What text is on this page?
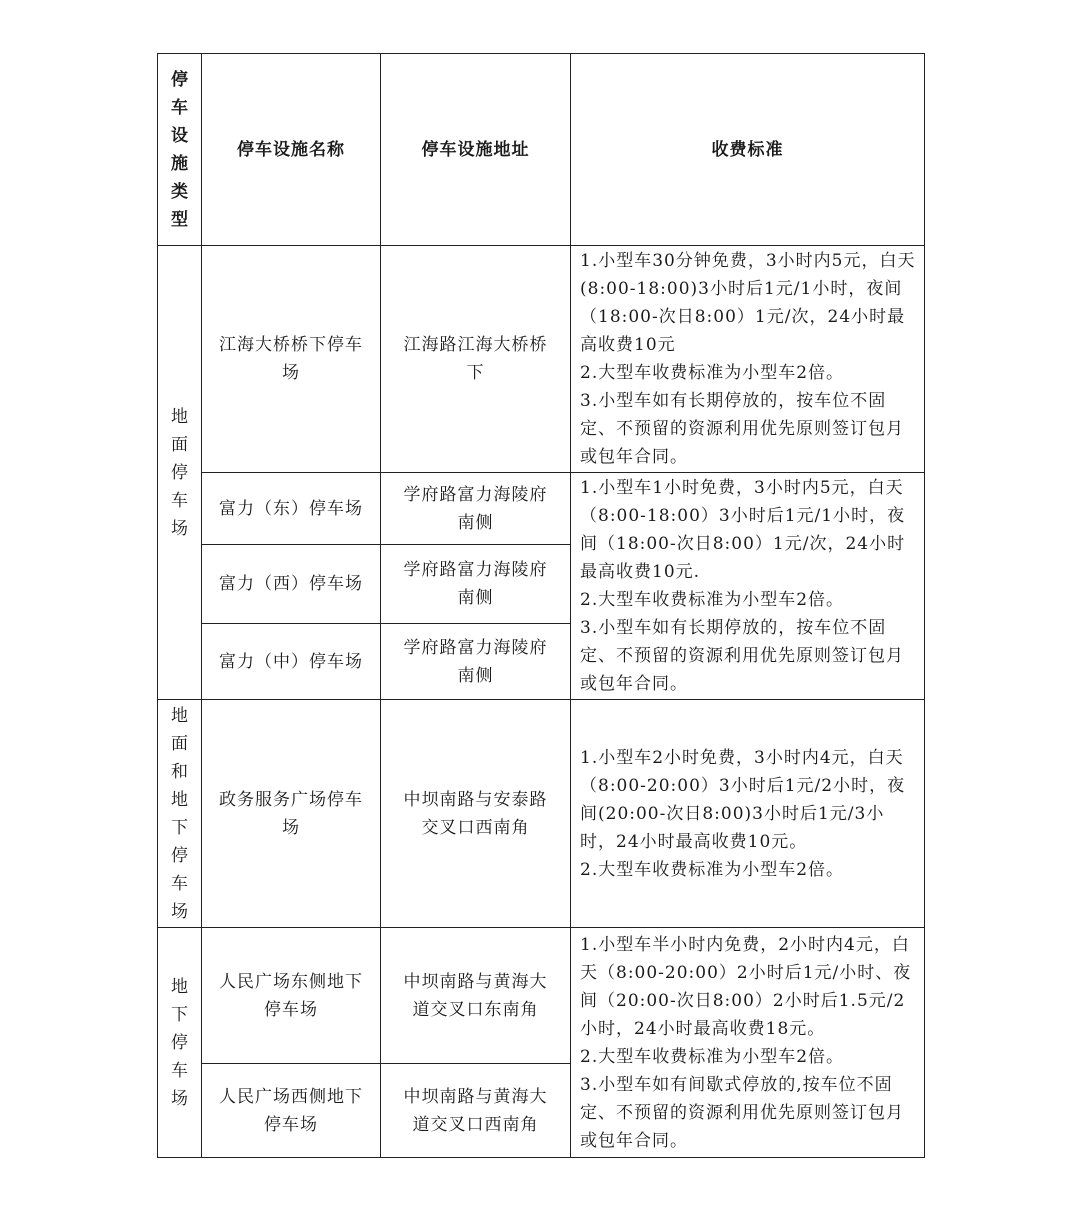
停车设施类型	停车设施名称	停车设施地址	收费标准
地面停车场	江海大桥桥下停车场	江海路江海大桥桥下	1.小型车30分钟免费，3小时内5元，白天(8:00-18:00)3小时后1元/1小时，夜间（18:00-次日8:00）1元/次，24小时最高收费10元
2.大型车收费标准为小型车2倍。
3.小型车如有长期停放的，按车位不固定、不预留的资源利用优先原则签订包月或包年合同。

	富力（东）停车场	学府路富力海陵府南侧	1.小型车1小时免费，3小时内5元，白天（8:00-18:00）3小时后1元/1小时，夜间（18:00-次日8:00）1元/次，24小时最高收费10元.
2.大型车收费标准为小型车2倍。
3.小型车如有长期停放的，按车位不固定、不预留的资源利用优先原则签订包月或包年合同。

	富力（西）停车场	学府路富力海陵府南侧	
	富力（中）停车场	学府路富力海陵府南侧	
地面和地下停车场	政务服务广场停车场	中坝南路与安泰路交叉口西南角	1.小型车2小时免费，3小时内4元，白天（8:00-20:00）3小时后1元/2小时，夜间(20:00-次日8:00)3小时后1元/3小时，24小时最高收费10元。
2.大型车收费标准为小型车2倍。

地下停车场	人民广场东侧地下停车场	中坝南路与黄海大道交叉口东南角	1.小型车半小时内免费，2小时内4元，白天（8:00-20:00）2小时后1元/小时、夜间（20:00-次日8:00）2小时后1.5元/2小时，24小时最高收费18元。
2.大型车收费标准为小型车2倍。
3.小型车如有间歇式停放的,按车位不固定、不预留的资源利用优先原则签订包月或包年合同。

	人民广场西侧地下停车场	中坝南路与黄海大道交叉口西南角	
